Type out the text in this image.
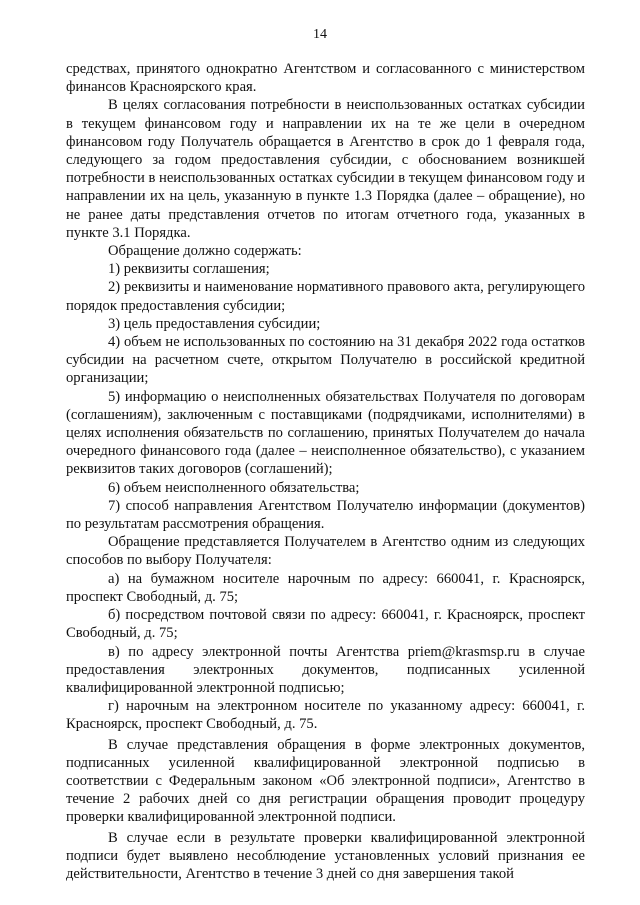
14

средствах, принятого однократно Агентством и согласованного с министерством финансов Красноярского края.

В целях согласования потребности в неиспользованных остатках субсидии в текущем финансовом году и направлении их на те же цели в очередном финансовом году Получатель обращается в Агентство в срок до 1 февраля года, следующего за годом предоставления субсидии, с обоснованием возникшей потребности в неиспользованных остатках субсидии в текущем финансовом году и направлении их на цель, указанную в пункте 1.3 Порядка (далее – обращение), но не ранее даты представления отчетов по итогам отчетного года, указанных в пункте 3.1 Порядка.

Обращение должно содержать:

1) реквизиты соглашения;

2) реквизиты и наименование нормативного правового акта, регулирующего порядок предоставления субсидии;

3) цель предоставления субсидии;

4) объем не использованных по состоянию на 31 декабря 2022 года остатков субсидии на расчетном счете, открытом Получателю в российской кредитной организации;

5) информацию о неисполненных обязательствах Получателя по договорам (соглашениям), заключенным с поставщиками (подрядчиками, исполнителями) в целях исполнения обязательств по соглашению, принятых Получателем до начала очередного финансового года (далее – неисполненное обязательство), с указанием реквизитов таких договоров (соглашений);

6) объем неисполненного обязательства;

7) способ направления Агентством Получателю информации (документов) по результатам рассмотрения обращения.

Обращение представляется Получателем в Агентство одним из следующих способов по выбору Получателя:

а) на бумажном носителе нарочным по адресу: 660041, г. Красноярск, проспект Свободный, д. 75;

б) посредством почтовой связи по адресу: 660041, г. Красноярск, проспект Свободный, д. 75;

в) по адресу электронной почты Агентства priem@krasmsp.ru в случае предоставления электронных документов, подписанных усиленной квалифицированной электронной подписью;

г) нарочным на электронном носителе по указанному адресу: 660041, г. Красноярск, проспект Свободный, д. 75.

В случае представления обращения в форме электронных документов, подписанных усиленной квалифицированной электронной подписью в соответствии с Федеральным законом «Об электронной подписи», Агентство в течение 2 рабочих дней со дня регистрации обращения проводит процедуру проверки квалифицированной электронной подписи.

В случае если в результате проверки квалифицированной электронной подписи будет выявлено несоблюдение установленных условий признания ее действительности, Агентство в течение 3 дней со дня завершения такой
